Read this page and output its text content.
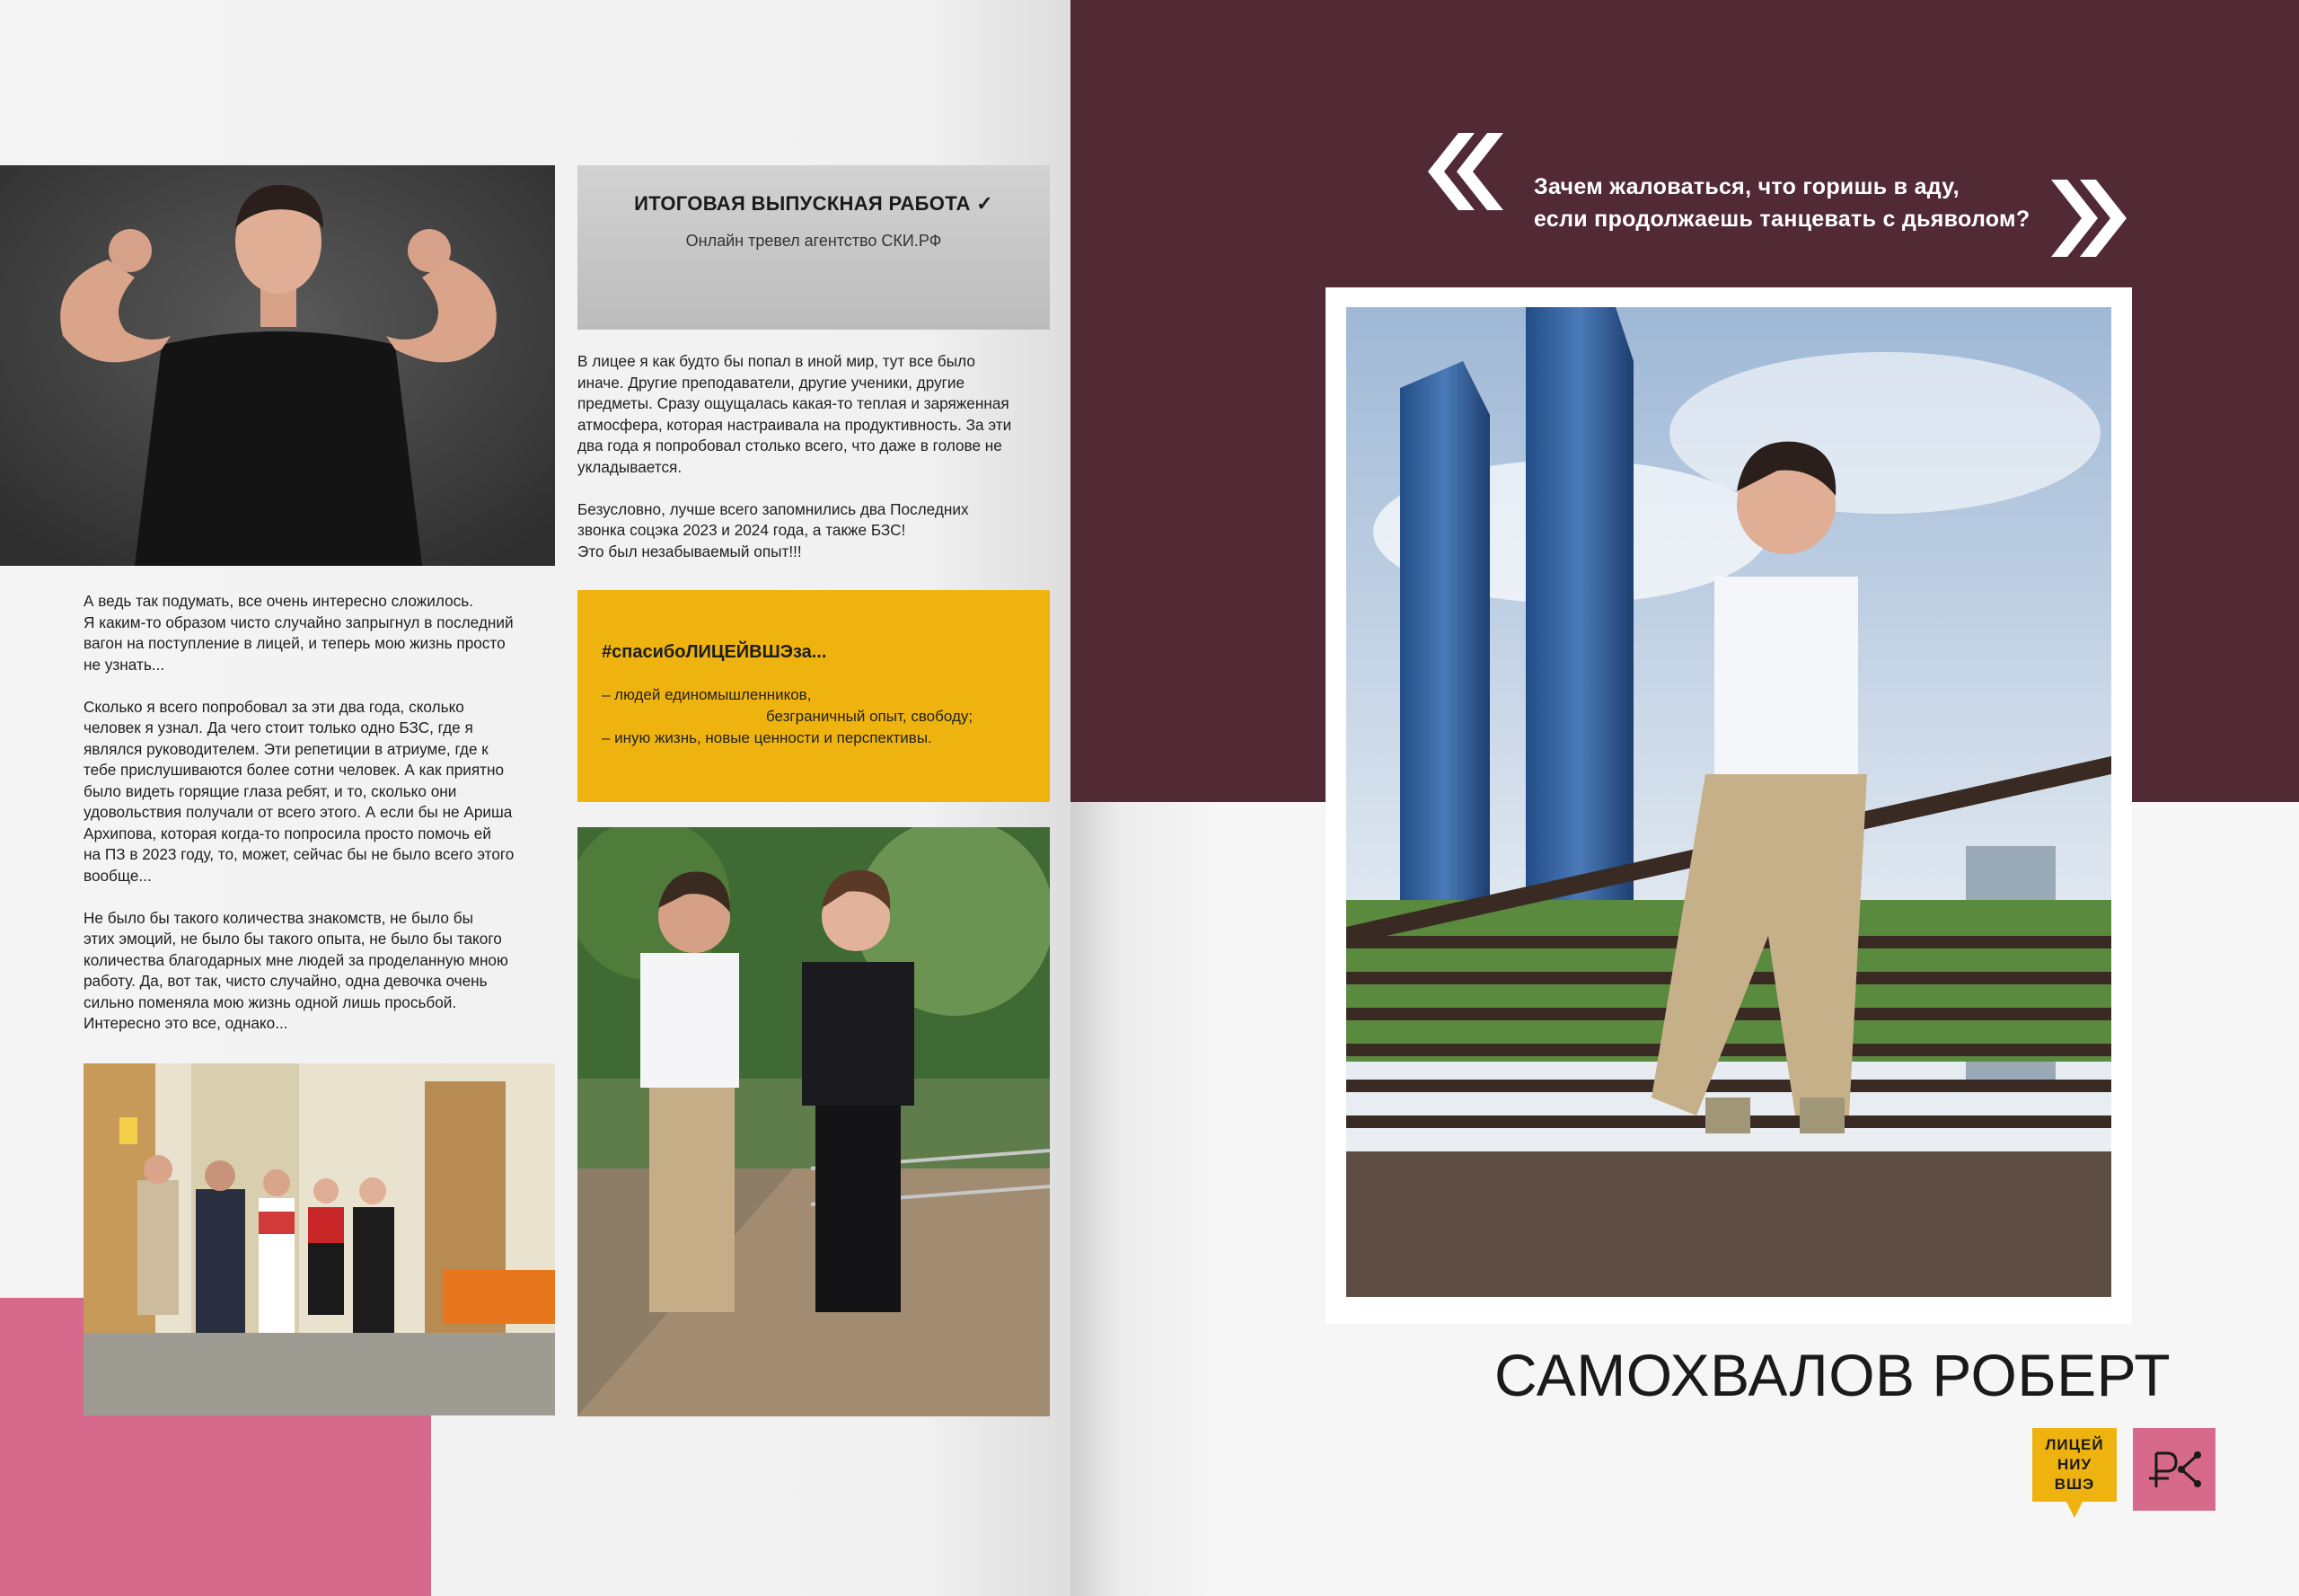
ИТОГОВАЯ ВЫПУСКНАЯ РАБОТА ✓
Онлайн тревел агентство СКИ.РФ
В лицее я как будто бы попал в иной мир, тут все было
иначе. Другие преподаватели, другие ученики, другие
предметы. Сразу ощущалась какая-то теплая и заряженная
атмосфера, которая настраивала на продуктивность. За эти
два года я попробовал столько всего, что даже в голове не
укладывается.

Безусловно, лучше всего запомнились два Последних
звонка соцэка 2023 и 2024 года, а также БЗС!
Это был незабываемый опыт!!!
#спасибоЛИЦЕЙВШЭза...
– людей единомышленников,
безграничный опыт, свободу;
– иную жизнь, новые ценности и перспективы.
А ведь так подумать, все очень интересно сложилось.
Я каким-то образом чисто случайно запрыгнул в последний
вагон на поступление в лицей, и теперь мою жизнь просто
не узнать...

Сколько я всего попробовал за эти два года, сколько
человек я узнал. Да чего стоит только одно БЗС, где я
являлся руководителем. Эти репетиции в атриуме, где к
тебе прислушиваются более сотни человек. А как приятно
было видеть горящие глаза ребят, и то, сколько они
удовольствия получали от всего этого. А если бы не Ариша
Архипова, которая когда-то попросила просто помочь ей
на ПЗ в 2023 году, то, может, сейчас бы не было всего этого
вообще...

Не было бы такого количества знакомств, не было бы
этих эмоций, не было бы такого опыта, не было бы такого
количества благодарных мне людей за проделанную мною
работу. Да, вот так, чисто случайно, одна девочка очень
сильно поменяла мою жизнь одной лишь просьбой.
Интересно это все, однако...
Зачем жаловаться, что горишь в аду,
если продолжаешь танцевать с дьяволом?
САМОХВАЛОВ РОБЕРТ
ЛИЦЕЙ
НИУ
ВШЭ
